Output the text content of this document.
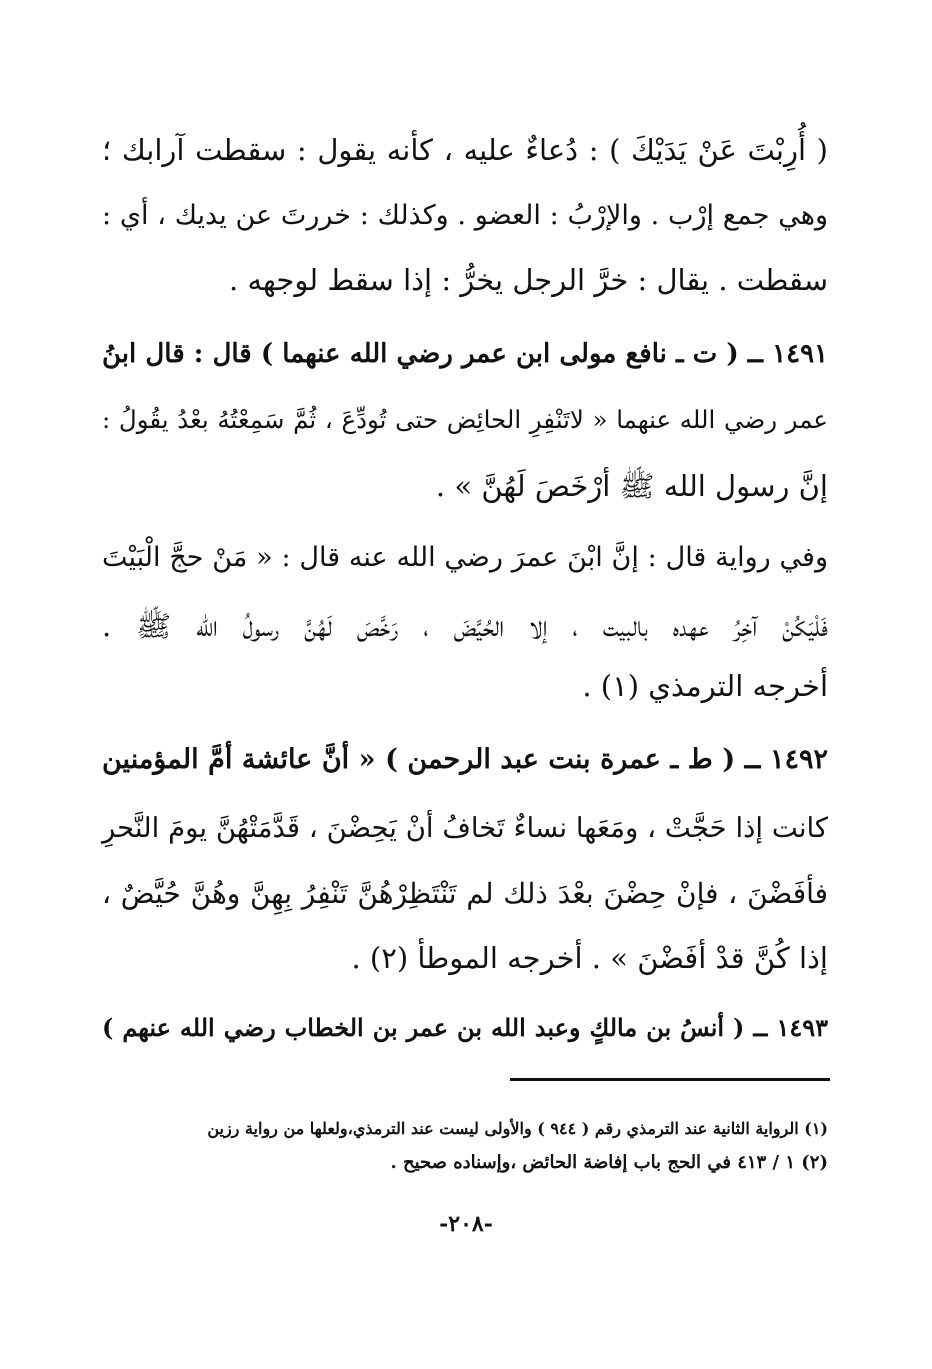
( أُرِبْتَ عَنْ يَدَيْكَ ) : دُعاءٌ عليه ، كأنه يقول : سقطت آرابك ؛
وهي جمع إرْب . والإرْبُ : العضو . وكذلك : خررتَ عن يديك ، أي :
سقطت . يقال : خرَّ الرجل يخرُّ : إذا سقط لوجهه .
١٤٩١ ــ ( ت ـ نافع مولى ابن عمر رضي الله عنهما ) قال : قال ابنُ
عمر رضي الله عنهما « لاتَنْفِرِ الحائِض حتى تُودِّعَ ، ثُمَّ سَمِعْتُهُ بعْدُ يقُولُ :
إنَّ رسول الله ﷺ أرْخَصَ لَهُنَّ » .
وفي رواية قال : إنَّ ابْنَ عمرَ رضي الله عنه قال : « مَنْ حجَّ الْبَيْتَ
فَلْيَكُنْ آخِرُ عهده بالبيت ، إلا الحُيَّضَ ، رَخَّصَ لَهُنَّ رسولُ الله ﷺ .
أخرجه الترمذي (١) .
١٤٩٢ ــ ( ط ـ عمرة بنت عبد الرحمن ) « أنَّ عائشة أمَّ المؤمنين
كانت إذا حَجَّتْ ، ومَعَها نساءٌ تَخافُ أنْ يَحِضْنَ ، قَدَّمَتْهُنَّ يومَ النَّحرِ
فأفَضْنَ ، فإنْ حِضْنَ بعْدَ ذلك لم تَنْتَظِرْهُنَّ تَنْفِرُ بِهِنَّ وهُنَّ حُيَّضٌ ،
إذا كُنَّ قدْ أفَضْنَ » . أخرجه الموطأ (٢) .
١٤٩٣ ــ ( أنسُ بن مالكٍ وعبد الله بن عمر بن الخطاب رضي الله عنهم )
(١) الرواية الثانية عند الترمذي رقم ( ٩٤٤ ) والأولى ليست عند الترمذي،ولعلها من رواية رزين
(٢) ١ / ٤١٣ في الحج باب إفاضة الحائض ،وإسناده صحيح .
-٢٠٨-
